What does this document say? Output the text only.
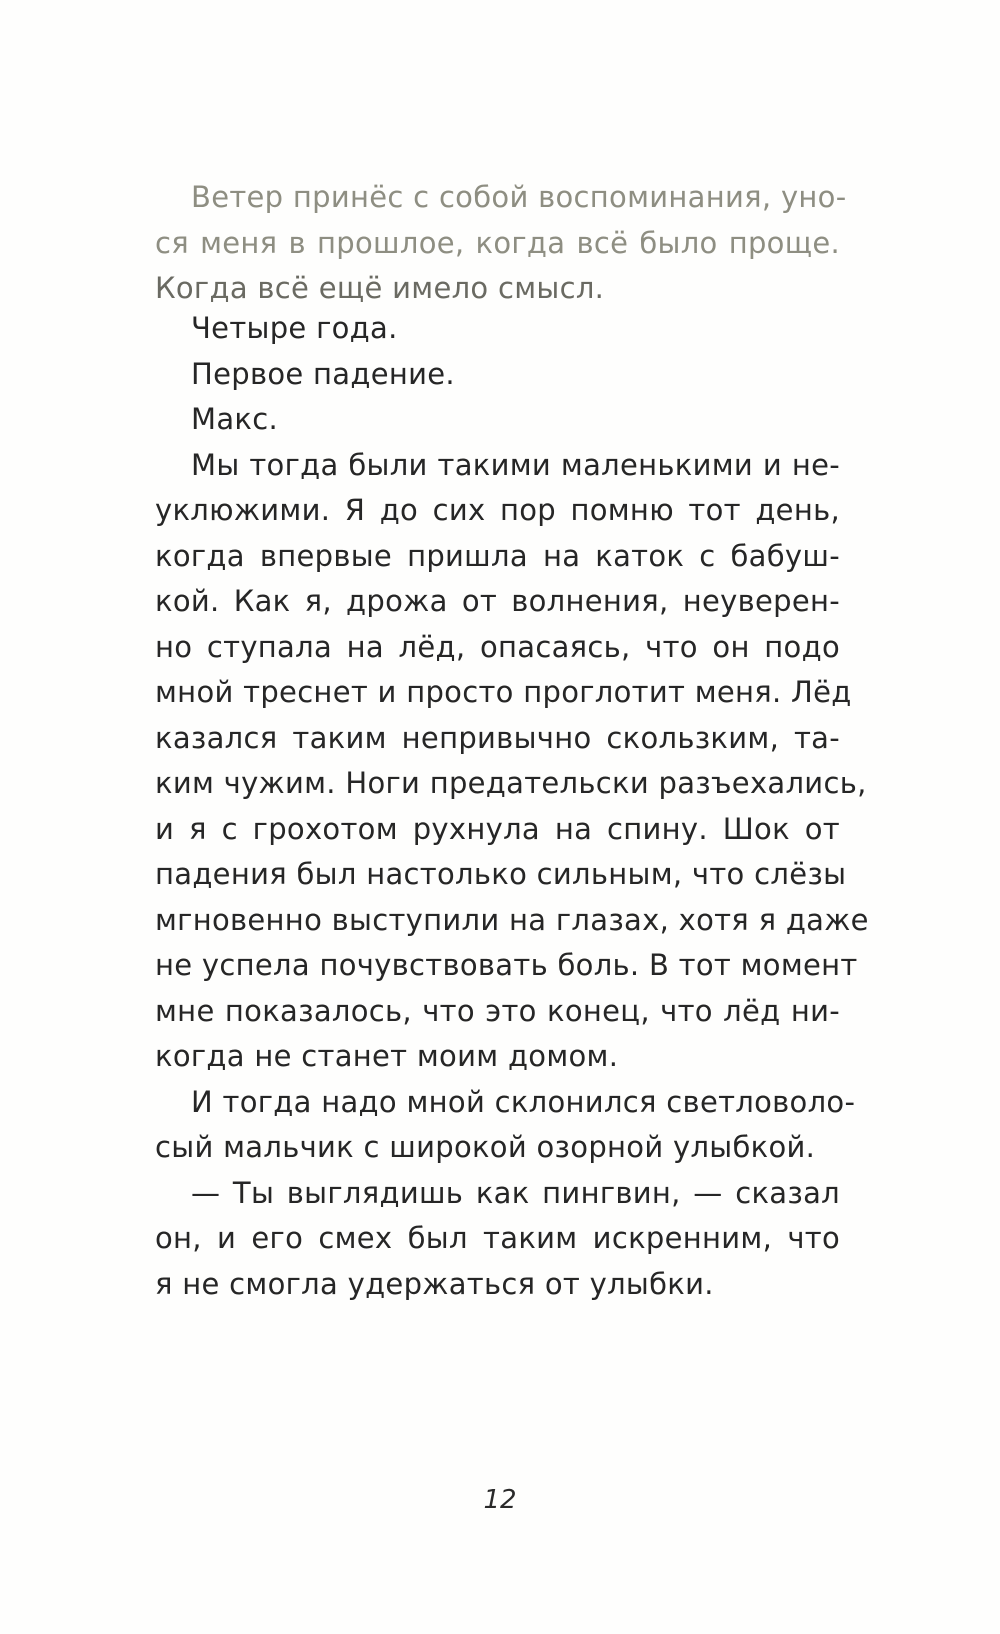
Ветер принёс с собой воспоминания, уно-
ся меня в прошлое, когда всё было проще.
Когда всё ещё имело смысл.
Четыре года.
Первое падение.
Макс.
Мы тогда были такими маленькими и не-
уклюжими. Я до сих пор помню тот день,
когда впервые пришла на каток с бабуш-
кой. Как я, дрожа от волнения, неуверен-
но ступала на лёд, опасаясь, что он подо
мной треснет и просто проглотит меня. Лёд
казался таким непривычно скользким, та-
ким чужим. Ноги предательски разъехались,
и я с грохотом рухнула на спину. Шок от
падения был настолько сильным, что слёзы
мгновенно выступили на глазах, хотя я даже
не успела почувствовать боль. В тот момент
мне показалось, что это конец, что лёд ни-
когда не станет моим домом.
И тогда надо мной склонился светловоло-
сый мальчик с широкой озорной улыбкой.
— Ты выглядишь как пингвин, — сказал
он, и его смех был таким искренним, что
я не смогла удержаться от улыбки.
12
